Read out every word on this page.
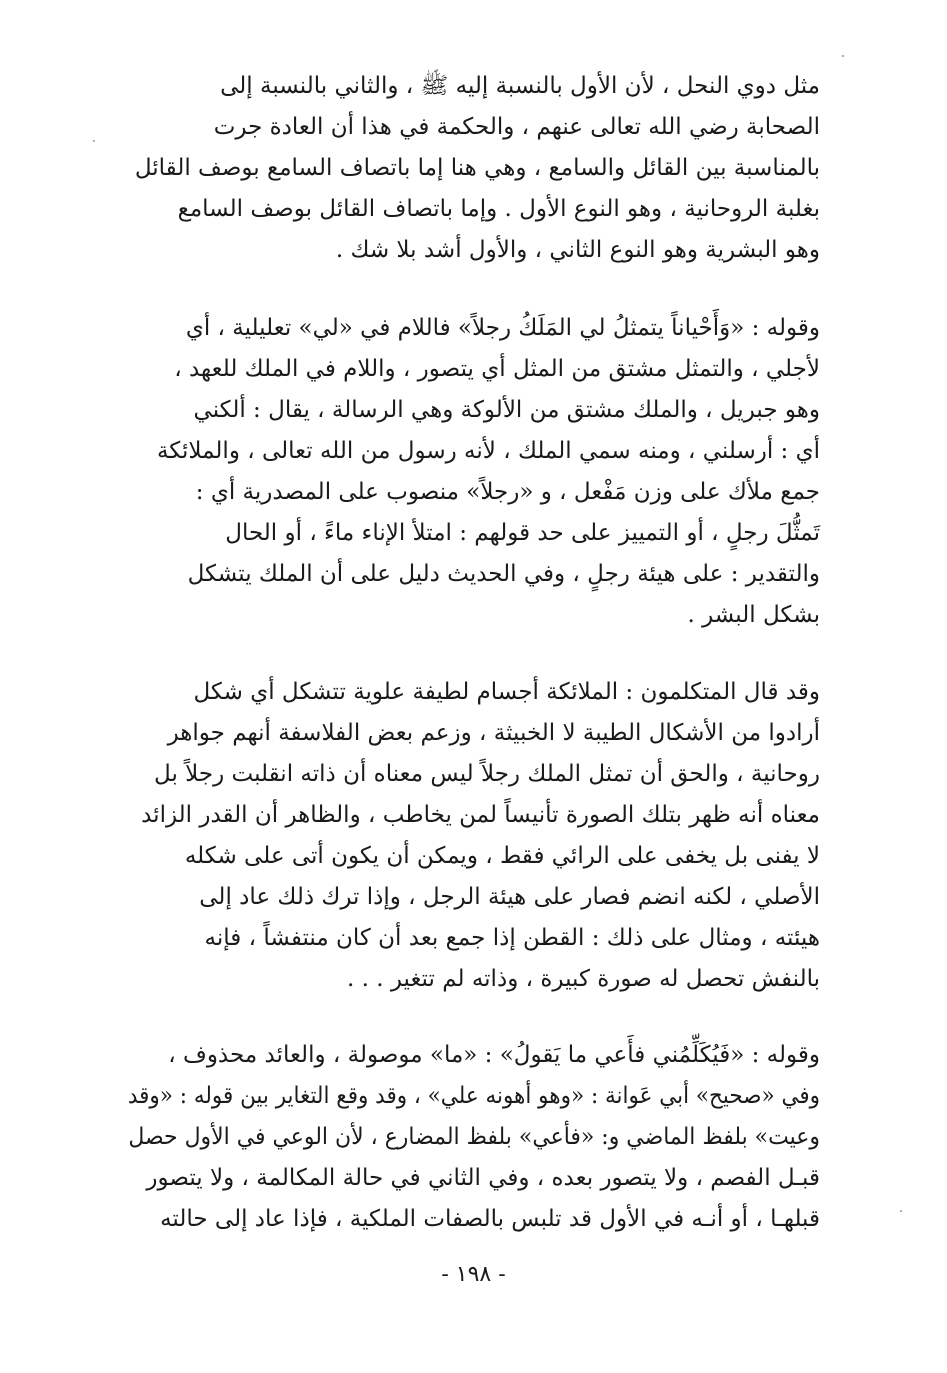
مثل دوي النحل ، لأن الأول بالنسبة إليه ﷺ ، والثاني بالنسبة إلى
الصحابة رضي الله تعالى عنهم ، والحكمة في هذا أن العادة جرت
بالمناسبة بين القائل والسامع ، وهي هنا إما باتصاف السامع بوصف القائل
بغلبة الروحانية ، وهو النوع الأول . وإما باتصاف القائل بوصف السامع
وهو البشرية وهو النوع الثاني ، والأول أشد بلا شك .
وقوله : «وَأَحْياناً يتمثلُ لي المَلَكُ رجلاً» فاللام في «لي» تعليلية ، أي
لأجلي ، والتمثل مشتق من المثل أي يتصور ، واللام في الملك للعهد ،
وهو جبريل ، والملك مشتق من الألوكة وهي الرسالة ، يقال : ألكني
أي : أرسلني ، ومنه سمي الملك ، لأنه رسول من الله تعالى ، والملائكة
جمع ملأك على وزن مَفْعل ، و «رجلاً» منصوب على المصدرية أي :
تَمثُّلَ رجلٍ ، أو التمييز على حد قولهم : امتلأ الإناء ماءً ، أو الحال
والتقدير : على هيئة رجلٍ ، وفي الحديث دليل على أن الملك يتشكل
بشكل البشر .
وقد قال المتكلمون : الملائكة أجسام لطيفة علوية تتشكل أي شكل
أرادوا من الأشكال الطيبة لا الخبيثة ، وزعم بعض الفلاسفة أنهم جواهر
روحانية ، والحق أن تمثل الملك رجلاً ليس معناه أن ذاته انقلبت رجلاً بل
معناه أنه ظهر بتلك الصورة تأنيساً لمن يخاطب ، والظاهر أن القدر الزائد
لا يفنى بل يخفى على الرائي فقط ، ويمكن أن يكون أتى على شكله
الأصلي ، لكنه انضم فصار على هيئة الرجل ، وإذا ترك ذلك عاد إلى
هيئته ، ومثال على ذلك : القطن إذا جمع بعد أن كان منتفشاً ، فإنه
بالنفش تحصل له صورة كبيرة ، وذاته لم تتغير . . .
وقوله : «فَيُكَلِّمُني فأَعي ما يَقولُ» : «ما» موصولة ، والعائد محذوف ،
وفي «صحيح» أبي عَوانة : «وهو أهونه علي» ، وقد وقع التغاير بين قوله : «وقد
وعيت» بلفظ الماضي و: «فأعي» بلفظ المضارع ، لأن الوعي في الأول حصل
قبـل الفصم ، ولا يتصور بعده ، وفي الثاني في حالة المكالمة ، ولا يتصور
قبلهـا ، أو أنـه في الأول قد تلبس بالصفات الملكية ، فإذا عاد إلى حالته
- ١٩٨ -
